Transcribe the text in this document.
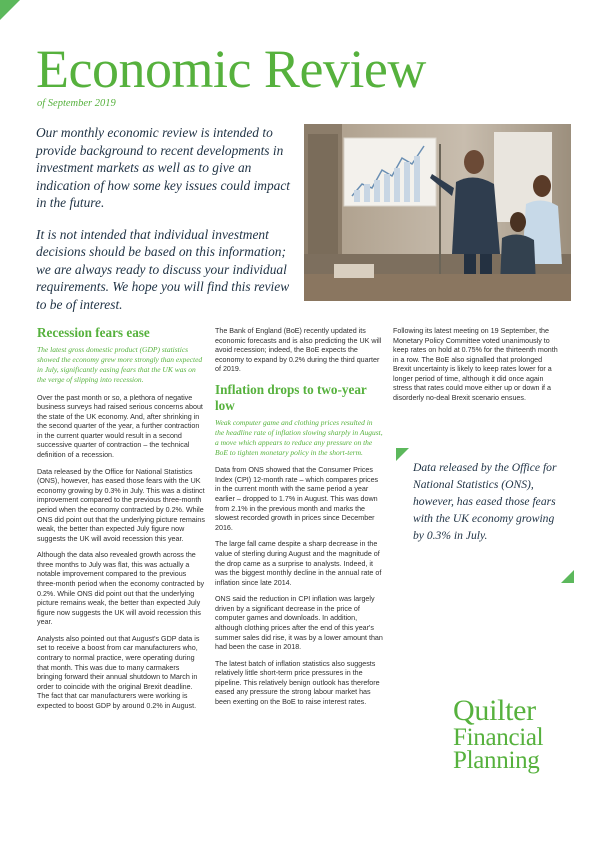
Economic Review
of September 2019

Our monthly economic review is intended to provide background to recent developments in investment markets as well as to give an indication of how some key issues could impact in the future.

It is not intended that individual investment decisions should be based on this information; we are always ready to discuss your individual requirements. We hope you will find this review to be of interest.

Recession fears ease

The latest gross domestic product (GDP) statistics showed the economy grew more strongly than expected in July, significantly easing fears that the UK was on the verge of slipping into recession.

Over the past month or so, a plethora of negative business surveys had raised serious concerns about the state of the UK economy. And, after shrinking in the second quarter of the year, a further contraction in the current quarter would result in a second successive quarter of contraction – the technical definition of a recession.

Data released by the Office for National Statistics (ONS), however, has eased those fears with the UK economy growing by 0.3% in July. This was a distinct improvement compared to the previous three-month period when the economy contracted by 0.2%. While ONS did point out that the underlying picture remains weak, the better than expected July figure now suggests the UK will avoid recession this year.

Although the data also revealed growth across the three months to July was flat, this was actually a notable improvement compared to the previous three-month period when the economy contracted by 0.2%. While ONS did point out that the underlying picture remains weak, the better than expected July figure now suggests the UK will avoid recession this year.

Analysts also pointed out that August's GDP data is set to receive a boost from car manufacturers who, contrary to normal practice, were operating during that month. This was due to many carmakers bringing forward their annual shutdown to March in order to coincide with the original Brexit deadline. The fact that car manufacturers were working is expected to boost GDP by around 0.2% in August.

The Bank of England (BoE) recently updated its economic forecasts and is also predicting the UK will avoid recession; indeed, the BoE expects the economy to expand by 0.2% during the third quarter of 2019.

Inflation drops to two-year low

Weak computer game and clothing prices resulted in the headline rate of inflation slowing sharply in August, a move which appears to reduce any pressure on the BoE to tighten monetary policy in the short-term.

Data from ONS showed that the Consumer Prices Index (CPI) 12-month rate – which compares prices in the current month with the same period a year earlier – dropped to 1.7% in August. This was down from 2.1% in the previous month and marks the slowest recorded growth in prices since December 2016.

The large fall came despite a sharp decrease in the value of sterling during August and the magnitude of the drop came as a surprise to analysts. Indeed, it was the biggest monthly decline in the annual rate of inflation since late 2014.

ONS said the reduction in CPI inflation was largely driven by a significant decrease in the price of computer games and downloads. In addition, although clothing prices after the end of this year's summer sales did rise, it was by a lower amount than had been the case in 2018.

The latest batch of inflation statistics also suggests relatively little short-term price pressures in the pipeline. This relatively benign outlook has therefore eased any pressure the strong labour market has been exerting on the BoE to raise interest rates.

Following its latest meeting on 19 September, the Monetary Policy Committee voted unanimously to keep rates on hold at 0.75% for the thirteenth month in a row. The BoE also signalled that prolonged Brexit uncertainty is likely to keep rates lower for a longer period of time, although it did once again stress that rates could move either up or down if a disorderly no-deal Brexit scenario ensues.

Data released by the Office for National Statistics (ONS), however, has eased those fears with the UK economy growing by 0.3% in July.
Quilter
Financial
Planning
